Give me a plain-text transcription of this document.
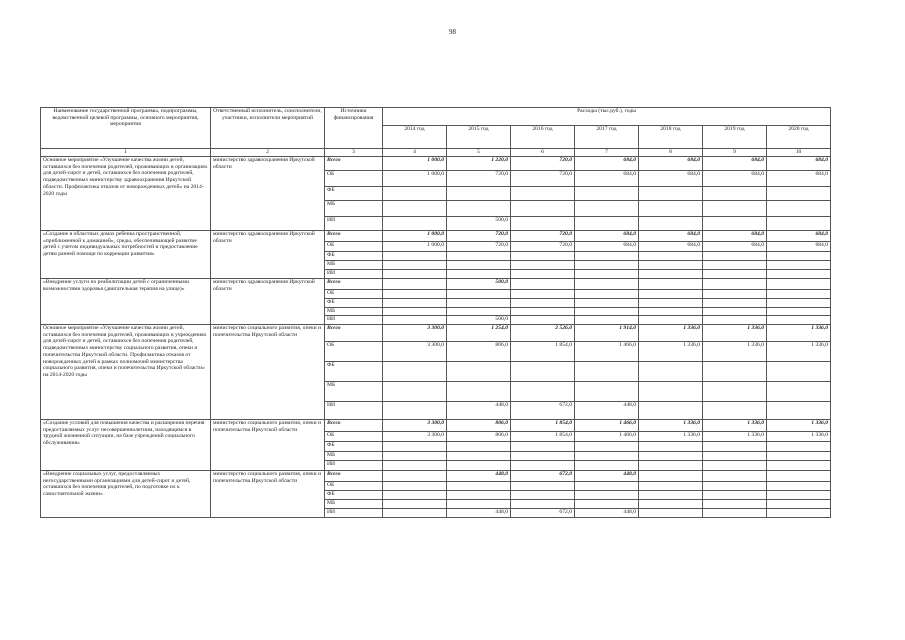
98
Наименование государственной программы, подпрограммы, ведомственной целевой программы, основного мероприятия, мероприятия	Ответственный исполнитель, соисполнители, участники, исполнители мероприятий	Источники финансирования	Расходы (тыс.руб.), годы						
			2014 год	2015 год	2016 год	2017 год	2018 год	2019 год	2020 год
1	2	3	4	5	6	7	8	9	10
Основное мероприятие «Улучшение качества жизни детей, оставшихся без попечения родителей, проживающих в организациях для детей-сирот и детей, оставшихся без попечения родителей, подведомственных министерству здравоохранения Иркутской области. Профилактика отказов от новорожденных детей» на 2014-2020 годы	министерство здравоохранения Иркутской области	Всего	1 000,0	1 220,0	720,0	684,0	684,0	684,0	684,0
		ОБ	1 000,0	720,0	720,0	684,0	684,0	684,0	684,0
		ФБ							
		МБ							
		ИИ		500,0					
«Создание в областных домах ребенка пространственной, «приближенной к домашней», среды, обеспечивающей развитие детей с учетом индивидуальных потребностей и предоставление детям ранней помощи по коррекции развития»	министерство здравоохранения Иркутской области	Всего	1 000,0	720,0	720,0	684,0	684,0	684,0	684,0
		ОБ	1 000,0	720,0	720,0	684,0	684,0	684,0	684,0
		ФБ							
		МБ							
		ИИ							
«Внедрение услуги по реабилитации детей с ограниченными возможностями здоровья (двигательная терапия на улице)»	министерство здравоохранения Иркутской области	Всего		500,0					
		ОБ							
		ФБ							
		МБ							
		ИИ		500,0					
Основное мероприятие «Улучшение качества жизни детей, оставшихся без попечения родителей, проживающих в учреждениях для детей-сирот и детей, оставшихся без попечения родителей, подведомственных министерству социального развития, опеки и попечительства Иркутской области. Профилактика отказов от новорожденных детей в рамках полномочий министерства социального развития, опеки и попечительства Иркутской области» на 2014-2020 годы	министерство социального развития, опеки и попечительства Иркутской области	Всего	3 300,0	1 254,0	2 526,0	1 914,0	1 336,0	1 336,0	1 336,0
		ОБ	3 300,0	806,0	1 854,0	1 466,0	1 336,0	1 336,0	1 336,0
		ФБ							
		МБ							
		ИИ		448,0	672,0	448,0			
«Создание условий для повышения качества и расширения перечня предоставляемых услуг несовершеннолетним, находящимся в трудной жизненной ситуации, на базе учреждений социального обслуживания»	министерство социального развития, опеки и попечительства Иркутской области	Всего	3 300,0	806,0	1 854,0	1 466,0	1 336,0	1 336,0	1 336,0
		ОБ	3 300,0	806,0	1 854,0	1 466,0	1 336,0	1 336,0	1 336,0
		ФБ							
		МБ							
		ИИ							
«Внедрение социальных услуг, предоставляемых негосударственными организациями для детей-сирот и детей, оставшихся без попечения родителей, по подготовке их к самостоятельной жизни»	министерство социального развития, опеки и попечительства Иркутской области	Всего		448,0	672,0	448,0			
		ОБ							
		ФБ							
		МБ							
		ИИ		448,0	672,0	448,0			
